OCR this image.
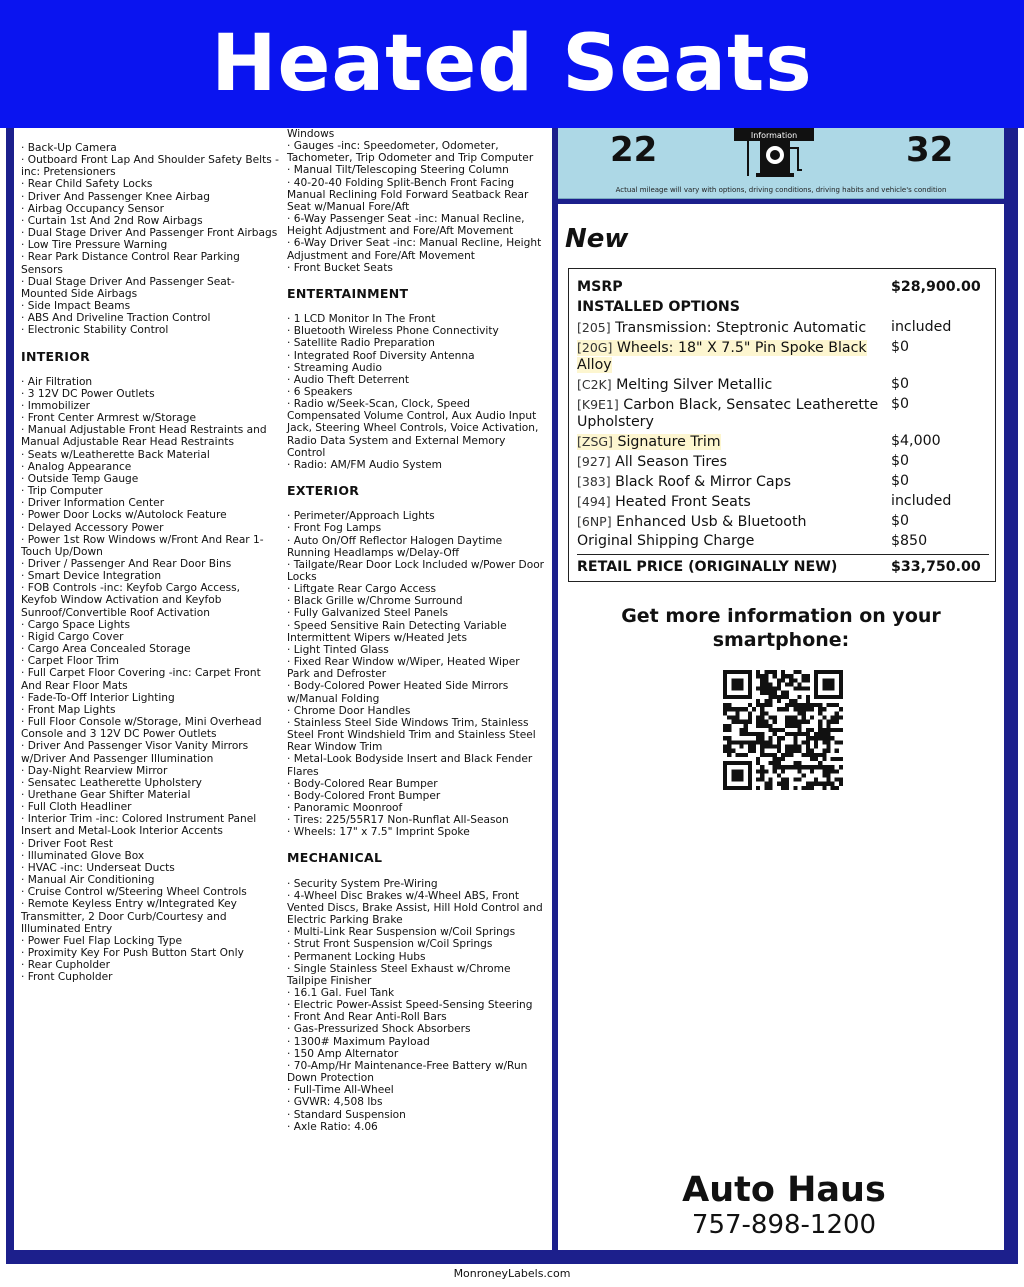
Heated Seats
· Back-Up Camera
· Outboard Front Lap And Shoulder Safety Belts -inc: Pretensioners
· Rear Child Safety Locks
· Driver And Passenger Knee Airbag
· Airbag Occupancy Sensor
· Curtain 1st And 2nd Row Airbags
· Dual Stage Driver And Passenger Front Airbags
· Low Tire Pressure Warning
· Rear Park Distance Control Rear Parking Sensors
· Dual Stage Driver And Passenger Seat-Mounted Side Airbags
· Side Impact Beams
· ABS And Driveline Traction Control
· Electronic Stability Control
INTERIOR
· Air Filtration
· 3 12V DC Power Outlets
· Immobilizer
· Front Center Armrest w/Storage
· Manual Adjustable Front Head Restraints and Manual Adjustable Rear Head Restraints
· Seats w/Leatherette Back Material
· Analog Appearance
· Outside Temp Gauge
· Trip Computer
· Driver Information Center
· Power Door Locks w/Autolock Feature
· Delayed Accessory Power
· Power 1st Row Windows w/Front And Rear 1-Touch Up/Down
· Driver / Passenger And Rear Door Bins
· Smart Device Integration
· FOB Controls -inc: Keyfob Cargo Access, Keyfob Window Activation and Keyfob Sunroof/Convertible Roof Activation
· Cargo Space Lights
· Rigid Cargo Cover
· Cargo Area Concealed Storage
· Carpet Floor Trim
· Full Carpet Floor Covering -inc: Carpet Front And Rear Floor Mats
· Fade-To-Off Interior Lighting
· Front Map Lights
· Full Floor Console w/Storage, Mini Overhead Console and 3 12V DC Power Outlets
· Driver And Passenger Visor Vanity Mirrors w/Driver And Passenger Illumination
· Day-Night Rearview Mirror
· Sensatec Leatherette Upholstery
· Urethane Gear Shifter Material
· Full Cloth Headliner
· Interior Trim -inc: Colored Instrument Panel Insert and Metal-Look Interior Accents
· Driver Foot Rest
· Illuminated Glove Box
· HVAC -inc: Underseat Ducts
· Manual Air Conditioning
· Cruise Control w/Steering Wheel Controls
· Remote Keyless Entry w/Integrated Key Transmitter, 2 Door Curb/Courtesy and Illuminated Entry
· Power Fuel Flap Locking Type
· Proximity Key For Push Button Start Only
· Rear Cupholder
· Front Cupholder
Windows
· Gauges -inc: Speedometer, Odometer, Tachometer, Trip Odometer and Trip Computer
· Manual Tilt/Telescoping Steering Column
· 40-20-40 Folding Split-Bench Front Facing Manual Reclining Fold Forward Seatback Rear Seat w/Manual Fore/Aft
· 6-Way Passenger Seat -inc: Manual Recline, Height Adjustment and Fore/Aft Movement
· 6-Way Driver Seat -inc: Manual Recline, Height Adjustment and Fore/Aft Movement
· Front Bucket Seats
ENTERTAINMENT
· 1 LCD Monitor In The Front
· Bluetooth Wireless Phone Connectivity
· Satellite Radio Preparation
· Integrated Roof Diversity Antenna
· Streaming Audio
· Audio Theft Deterrent
· 6 Speakers
· Radio w/Seek-Scan, Clock, Speed Compensated Volume Control, Aux Audio Input Jack, Steering Wheel Controls, Voice Activation, Radio Data System and External Memory Control
· Radio: AM/FM Audio System
EXTERIOR
· Perimeter/Approach Lights
· Front Fog Lamps
· Auto On/Off Reflector Halogen Daytime Running Headlamps w/Delay-Off
· Tailgate/Rear Door Lock Included w/Power Door Locks
· Liftgate Rear Cargo Access
· Black Grille w/Chrome Surround
· Fully Galvanized Steel Panels
· Speed Sensitive Rain Detecting Variable Intermittent Wipers w/Heated Jets
· Light Tinted Glass
· Fixed Rear Window w/Wiper, Heated Wiper Park and Defroster
· Body-Colored Power Heated Side Mirrors w/Manual Folding
· Chrome Door Handles
· Stainless Steel Side Windows Trim, Stainless Steel Front Windshield Trim and Stainless Steel Rear Window Trim
· Metal-Look Bodyside Insert and Black Fender Flares
· Body-Colored Rear Bumper
· Body-Colored Front Bumper
· Panoramic Moonroof
· Tires: 225/55R17 Non-Runflat All-Season
· Wheels: 17" x 7.5" Imprint Spoke
MECHANICAL
· Security System Pre-Wiring
· 4-Wheel Disc Brakes w/4-Wheel ABS, Front Vented Discs, Brake Assist, Hill Hold Control and Electric Parking Brake
· Multi-Link Rear Suspension w/Coil Springs
· Strut Front Suspension w/Coil Springs
· Permanent Locking Hubs
· Single Stainless Steel Exhaust w/Chrome Tailpipe Finisher
· 16.1 Gal. Fuel Tank
· Electric Power-Assist Speed-Sensing Steering
· Front And Rear Anti-Roll Bars
· Gas-Pressurized Shock Absorbers
· 1300# Maximum Payload
· 150 Amp Alternator
· 70-Amp/Hr Maintenance-Free Battery w/Run Down Protection
· Full-Time All-Wheel
· GVWR: 4,508 lbs
· Standard Suspension
· Axle Ratio: 4.06
22	Information	32
Actual mileage will vary with options, driving conditions, driving habits and vehicle's condition
New
MSRP	$28,900.00
INSTALLED OPTIONS
[205] Transmission: Steptronic Automatic	included
[20G] Wheels: 18" X 7.5" Pin Spoke Black Alloy
$0
[C2K] Melting Silver Metallic	$0
[K9E1] Carbon Black, Sensatec Leatherette Upholstery
$0
[ZSG] Signature Trim	$4,000
[927] All Season Tires	$0
[383] Black Roof & Mirror Caps	$0
[494] Heated Front Seats	included
[6NP] Enhanced Usb & Bluetooth	$0
Original Shipping Charge	$850
RETAIL PRICE (ORIGINALLY NEW)	$33,750.00
Get more information on your smartphone:
Auto Haus
757-898-1200
MonroneyLabels.com
